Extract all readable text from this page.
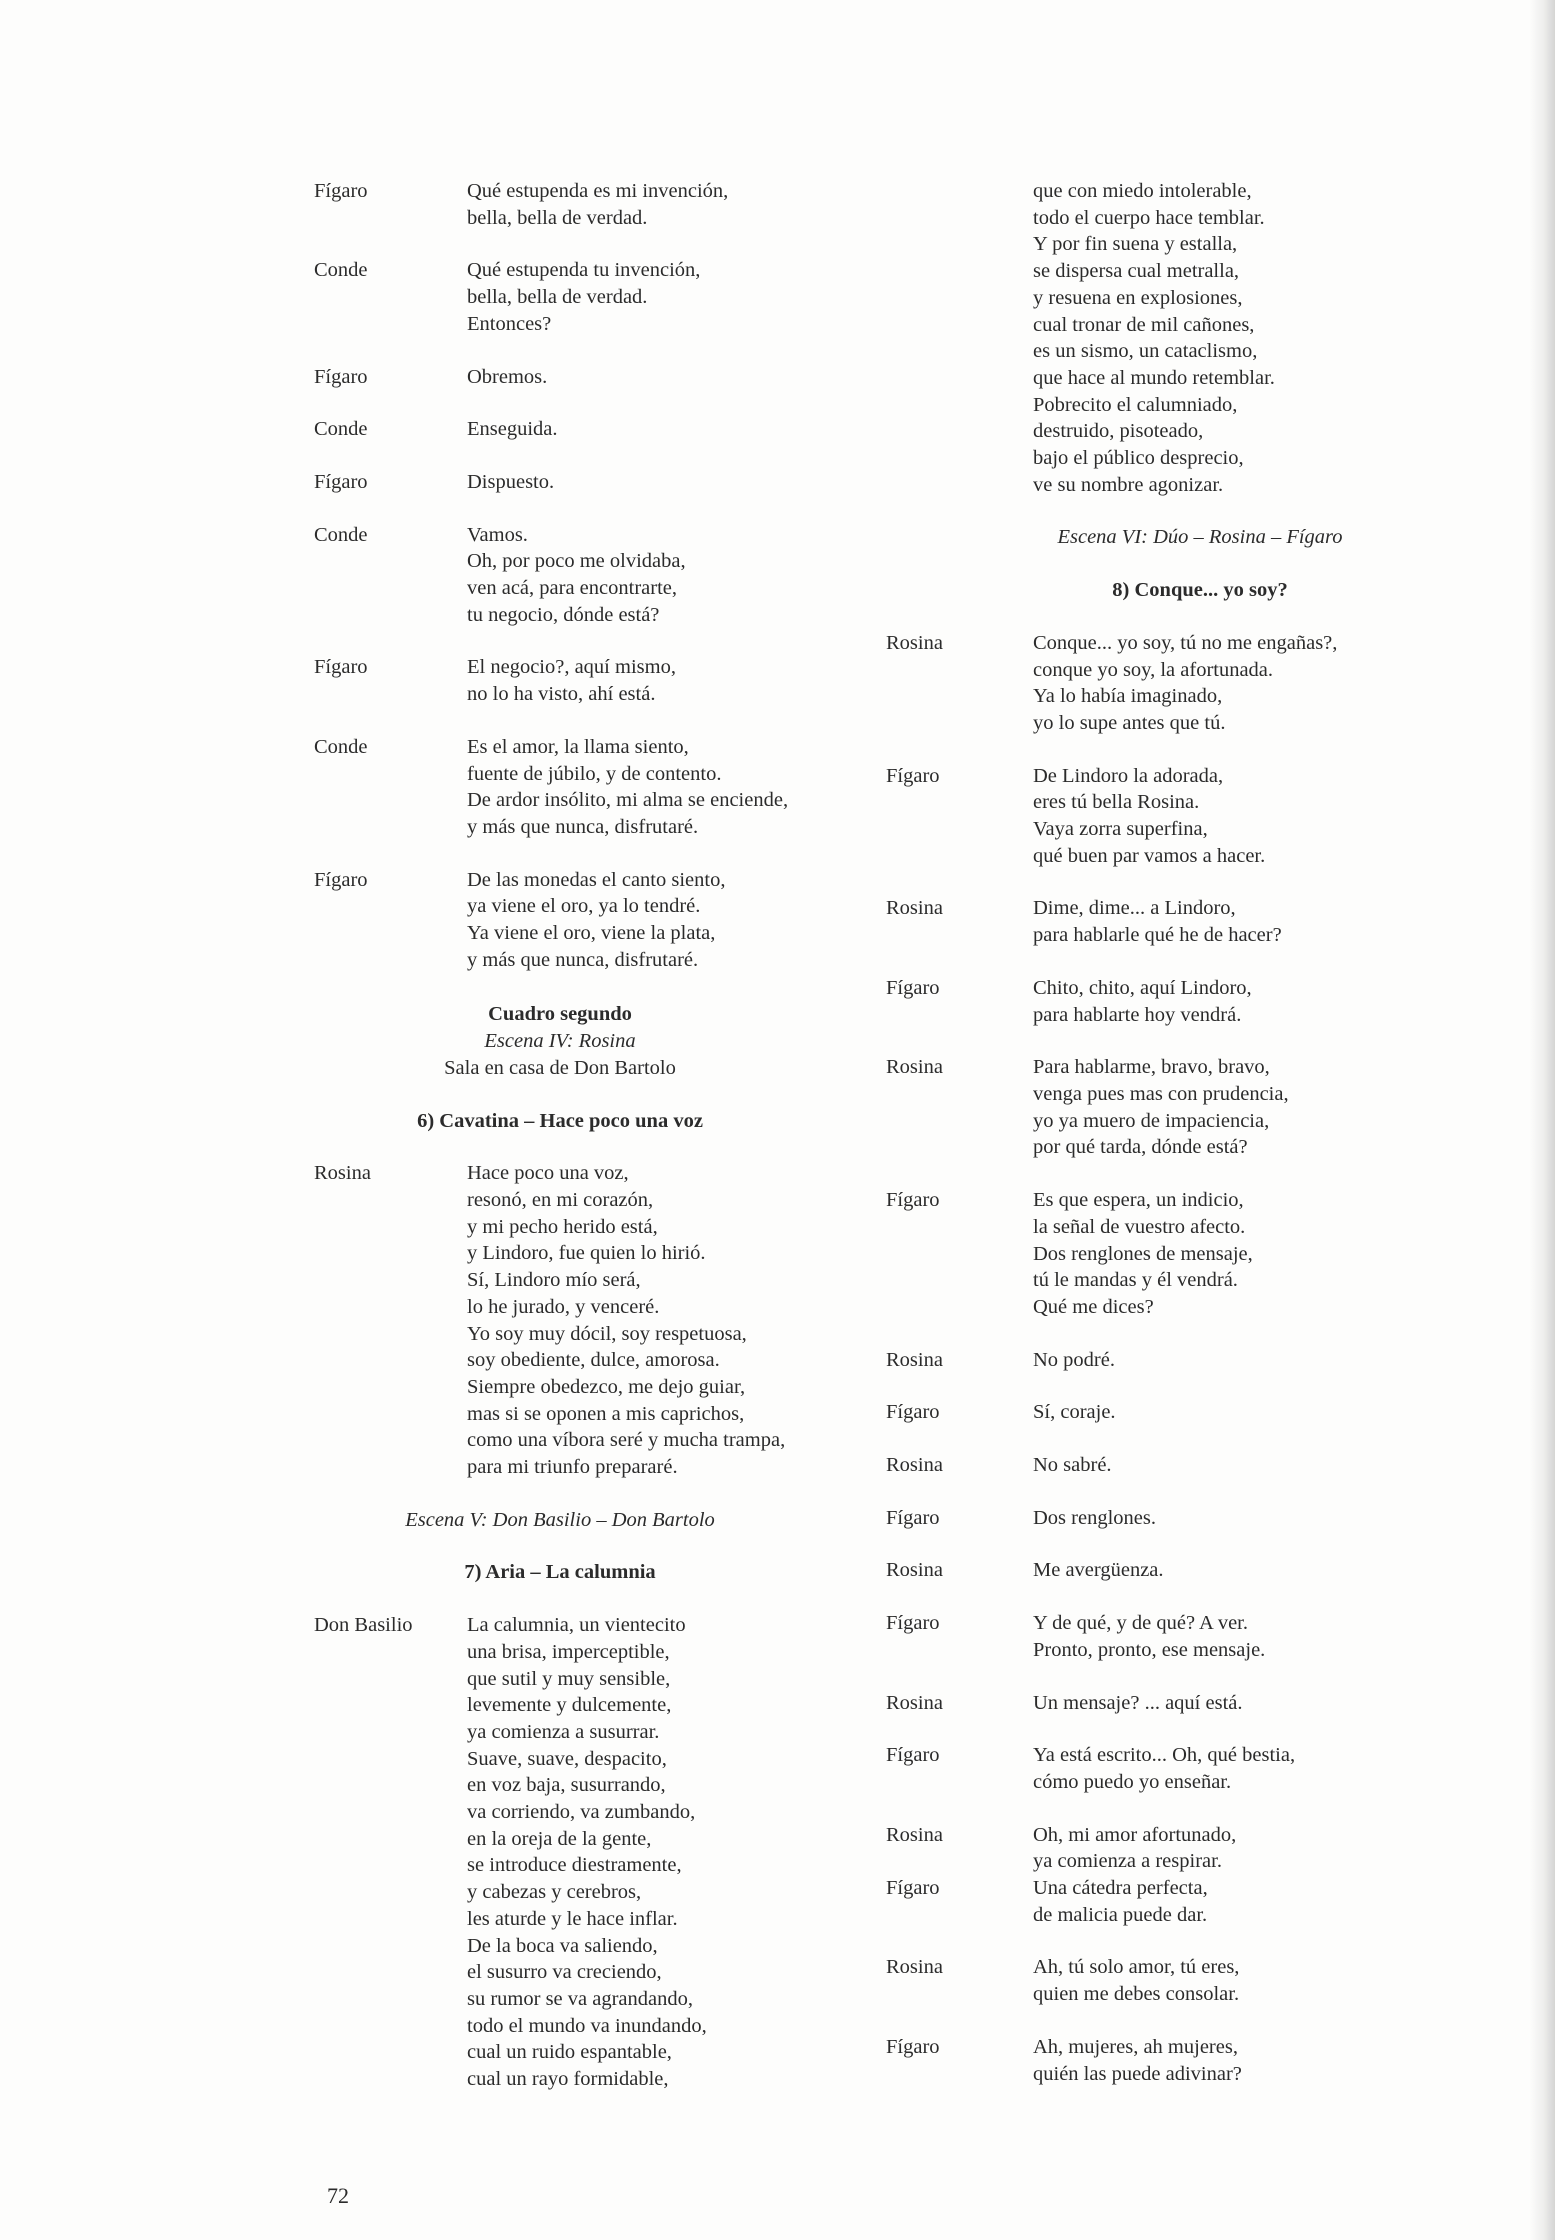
Fígaro	Qué estupenda es mi invención,
bella, bella de verdad.
Conde	Qué estupenda tu invención,
bella, bella de verdad.
Entonces?
Fígaro	Obremos.
Conde	Enseguida.
Fígaro	Dispuesto.
Conde	Vamos.
Oh, por poco me olvidaba,
ven acá, para encontrarte,
tu negocio, dónde está?
Fígaro	El negocio?, aquí mismo,
no lo ha visto, ahí está.
Conde	Es el amor, la llama siento,
fuente de júbilo, y de contento.
De ardor insólito, mi alma se enciende,
y más que nunca, disfrutaré.
Fígaro	De las monedas el canto siento,
ya viene el oro, ya lo tendré.
Ya viene el oro, viene la plata,
y más que nunca, disfrutaré.
Cuadro segundo
Escena IV: Rosina
Sala en casa de Don Bartolo
6) Cavatina – Hace poco una voz
Rosina	Hace poco una voz,
resonó, en mi corazón,
y mi pecho herido está,
y Lindoro, fue quien lo hirió.
Sí, Lindoro mío será,
lo he jurado, y venceré.
Yo soy muy dócil, soy respetuosa,
soy obediente, dulce, amorosa.
Siempre obedezco, me dejo guiar,
mas si se oponen a mis caprichos,
como una víbora seré y mucha trampa,
para mi triunfo prepararé.
Escena V: Don Basilio – Don Bartolo
7) Aria – La calumnia
Don Basilio	La calumnia, un vientecito
una brisa, imperceptible,
que sutil y muy sensible,
levemente y dulcemente,
ya comienza a susurrar.
Suave, suave, despacito,
en voz baja, susurrando,
va corriendo, va zumbando,
en la oreja de la gente,
se introduce diestramente,
y cabezas y cerebros,
les aturde y le hace inflar.
De la boca va saliendo,
el susurro va creciendo,
su rumor se va agrandando,
todo el mundo va inundando,
cual un ruido espantable,
cual un rayo formidable,
que con miedo intolerable,
todo el cuerpo hace temblar.
Y por fin suena y estalla,
se dispersa cual metralla,
y resuena en explosiones,
cual tronar de mil cañones,
es un sismo, un cataclismo,
que hace al mundo retemblar.
Pobrecito el calumniado,
destruido, pisoteado,
bajo el público desprecio,
ve su nombre agonizar.
Escena VI: Dúo – Rosina – Fígaro
8) Conque... yo soy?
Rosina	Conque... yo soy, tú no me engañas?,
conque yo soy, la afortunada.
Ya lo había imaginado,
yo lo supe antes que tú.
Fígaro	De Lindoro la adorada,
eres tú bella Rosina.
Vaya zorra superfina,
qué buen par vamos a hacer.
Rosina	Dime, dime... a Lindoro,
para hablarle qué he de hacer?
Fígaro	Chito, chito, aquí Lindoro,
para hablarte hoy vendrá.
Rosina	Para hablarme, bravo, bravo,
venga pues mas con prudencia,
yo ya muero de impaciencia,
por qué tarda, dónde está?
Fígaro	Es que espera, un indicio,
la señal de vuestro afecto.
Dos renglones de mensaje,
tú le mandas y él vendrá.
Qué me dices?
Rosina	No podré.
Fígaro	Sí, coraje.
Rosina	No sabré.
Fígaro	Dos renglones.
Rosina	Me avergüenza.
Fígaro	Y de qué, y de qué? A ver.
Pronto, pronto, ese mensaje.
Rosina	Un mensaje? ... aquí está.
Fígaro	Ya está escrito... Oh, qué bestia,
cómo puedo yo enseñar.
Rosina	Oh, mi amor afortunado,
ya comienza a respirar.
Fígaro	Una cátedra perfecta,
de malicia puede dar.
Rosina	Ah, tú solo amor, tú eres,
quien me debes consolar.
Fígaro	Ah, mujeres, ah mujeres,
quién las puede adivinar?
72
